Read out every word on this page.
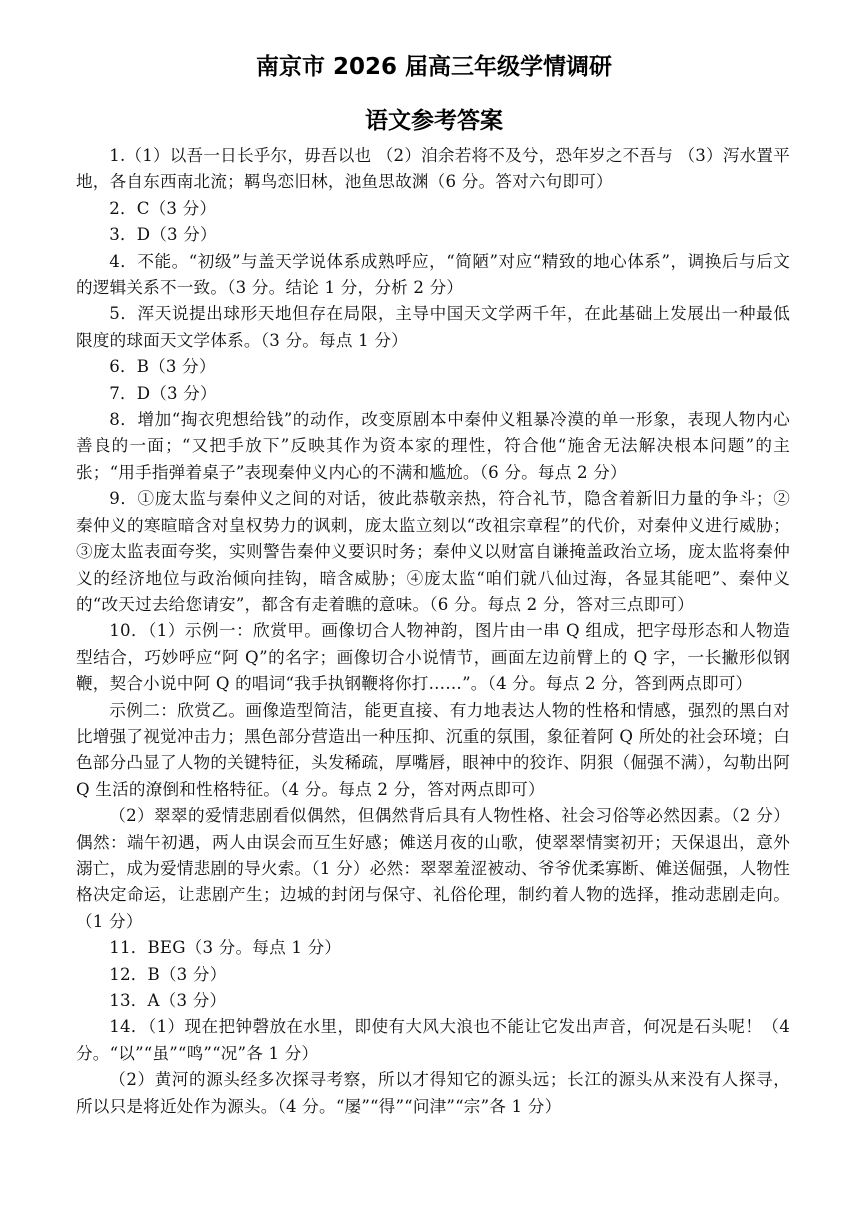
南京市 2026 届高三年级学情调研
语文参考答案

1.（1）以吾一日长乎尔，毋吾以也 （2）洎余若将不及兮，恐年岁之不吾与 （3）泻水置平地，各自东西南北流；羁鸟恋旧林，池鱼思故渊（6 分。答对六句即可）

2．C（3 分）

3．D（3 分）

4．不能。“初级”与盖天学说体系成熟呼应，“简陋”对应“精致的地心体系”，调换后与后文的逻辑关系不一致。（3 分。结论 1 分，分析 2 分）

5．浑天说提出球形天地但存在局限，主导中国天文学两千年，在此基础上发展出一种最低限度的球面天文学体系。（3 分。每点 1 分）

6．B（3 分）

7．D（3 分）

8．增加“掏衣兜想给钱”的动作，改变原剧本中秦仲义粗暴冷漠的单一形象，表现人物内心善良的一面；“又把手放下”反映其作为资本家的理性，符合他“施舍无法解决根本问题”的主张；“用手指弹着桌子”表现秦仲义内心的不满和尴尬。（6 分。每点 2 分）

9．①庞太监与秦仲义之间的对话，彼此恭敬亲热，符合礼节，隐含着新旧力量的争斗；②秦仲义的寒暄暗含对皇权势力的讽刺，庞太监立刻以“改祖宗章程”的代价，对秦仲义进行威胁；③庞太监表面夸奖，实则警告秦仲义要识时务；秦仲义以财富自谦掩盖政治立场，庞太监将秦仲义的经济地位与政治倾向挂钩，暗含威胁；④庞太监“咱们就八仙过海，各显其能吧”、秦仲义的“改天过去给您请安”，都含有走着瞧的意味。（6 分。每点 2 分，答对三点即可）

10．（1）示例一：欣赏甲。画像切合人物神韵，图片由一串 Q 组成，把字母形态和人物造型结合，巧妙呼应“阿 Q”的名字；画像切合小说情节，画面左边前臂上的 Q 字，一长撇形似钢鞭，契合小说中阿 Q 的唱词“我手执钢鞭将你打……”。（4 分。每点 2 分，答到两点即可）

示例二：欣赏乙。画像造型简洁，能更直接、有力地表达人物的性格和情感，强烈的黑白对比增强了视觉冲击力；黑色部分营造出一种压抑、沉重的氛围，象征着阿 Q 所处的社会环境；白色部分凸显了人物的关键特征，头发稀疏，厚嘴唇，眼神中的狡诈、阴狠（倔强不满），勾勒出阿 Q 生活的潦倒和性格特征。（4 分。每点 2 分，答对两点即可）

（2）翠翠的爱情悲剧看似偶然，但偶然背后具有人物性格、社会习俗等必然因素。（2 分）偶然：端午初遇，两人由误会而互生好感；傩送月夜的山歌，使翠翠情窦初开；天保退出，意外溺亡，成为爱情悲剧的导火索。（1 分）必然：翠翠羞涩被动、爷爷优柔寡断、傩送倔强，人物性格决定命运，让悲剧产生；边城的封闭与保守、礼俗伦理，制约着人物的选择，推动悲剧走向。（1 分）

11．BEG（3 分。每点 1 分）

12．B（3 分）

13．A（3 分）

14．（1）现在把钟磬放在水里，即使有大风大浪也不能让它发出声音，何况是石头呢！（4 分。“以”“虽”“鸣”“况”各 1 分）

（2）黄河的源头经多次探寻考察，所以才得知它的源头远；长江的源头从来没有人探寻，所以只是将近处作为源头。（4 分。“屡”“得”“问津”“宗”各 1 分）
